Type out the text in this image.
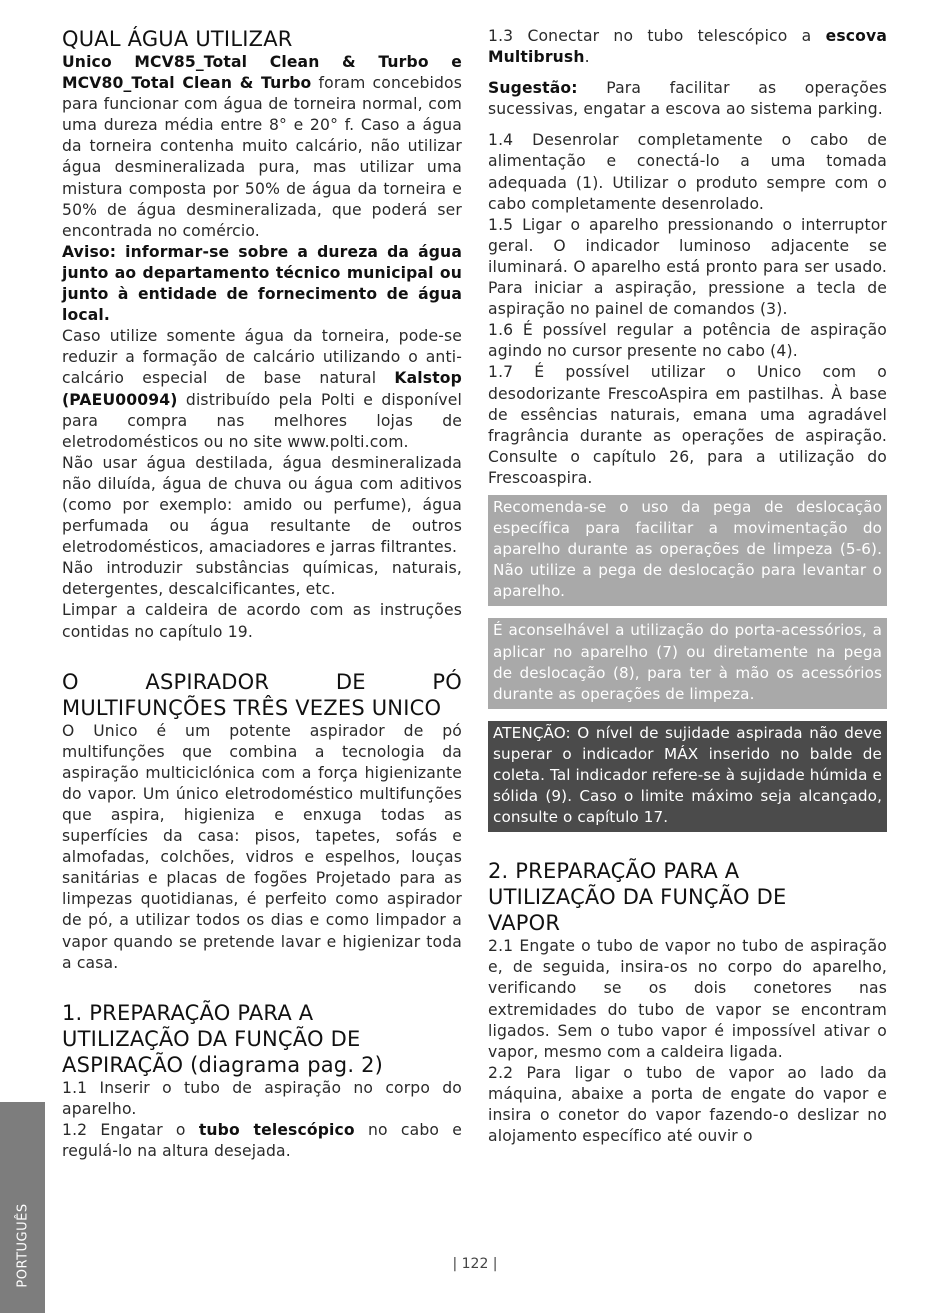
QUAL ÁGUA UTILIZAR

Unico MCV85_Total Clean & Turbo e MCV80_Total Clean & Turbo foram concebidos para funcionar com água de torneira normal, com uma dureza média entre 8° e 20° f. Caso a água da torneira contenha muito calcário, não utilizar água desmineralizada pura, mas utilizar uma mistura composta por 50% de água da torneira e 50% de água desmineralizada, que poderá ser encontrada no comércio.

Aviso: informar-se sobre a dureza da água junto ao departamento técnico municipal ou junto à entidade de fornecimento de água local.

Caso utilize somente água da torneira, pode-se reduzir a formação de calcário utilizando o anti-calcário especial de base natural Kalstop (PAEU00094) distribuído pela Polti e disponível para compra nas melhores lojas de eletrodomésticos ou no site www.polti.com.

Não usar água destilada, água desmineralizada não diluída, água de chuva ou água com aditivos (como por exemplo: amido ou perfume), água perfumada ou água resultante de outros eletrodomésticos, amaciadores e jarras filtrantes.

Não introduzir substâncias químicas, naturais, detergentes, descalcificantes, etc.

Limpar a caldeira de acordo com as instruções contidas no capítulo 19.

O ASPIRADOR DE PÓ
MULTIFUNÇÕES TRÊS VEZES UNICO

O Unico é um potente aspirador de pó multifunções que combina a tecnologia da aspiração multiciclónica com a força higienizante do vapor. Um único eletrodoméstico multifunções que aspira, higieniza e enxuga todas as superfícies da casa: pisos, tapetes, sofás e almofadas, colchões, vidros e espelhos, louças sanitárias e placas de fogões Projetado para as limpezas quotidianas, é perfeito como aspirador de pó, a utilizar todos os dias e como limpador a vapor quando se pretende lavar e higienizar toda a casa.

1. PREPARAÇÃO PARA A
UTILIZAÇÃO DA FUNÇÃO DE
ASPIRAÇÃO (diagrama pag. 2)

1.1 Inserir o tubo de aspiração no corpo do aparelho.

1.2 Engatar o tubo telescópico no cabo e regulá-lo na altura desejada.

1.3 Conectar no tubo telescópico a escova Multibrush.

Sugestão: Para facilitar as operações sucessivas, engatar a escova ao sistema parking.

1.4 Desenrolar completamente o cabo de alimentação e conectá-lo a uma tomada adequada (1). Utilizar o produto sempre com o cabo completamente desenrolado.

1.5 Ligar o aparelho pressionando o interruptor geral. O indicador luminoso adjacente se iluminará. O aparelho está pronto para ser usado. Para iniciar a aspiração, pressione a tecla de aspiração no painel de comandos (3).

1.6 É possível regular a potência de aspiração agindo no cursor presente no cabo (4).

1.7 É possível utilizar o Unico com o desodorizante FrescoAspira em pastilhas. À base de essências naturais, emana uma agradável fragrância durante as operações de aspiração. Consulte o capítulo 26, para a utilização do Frescoaspira.

Recomenda-se o uso da pega de deslocação específica para facilitar a movimentação do aparelho durante as operações de limpeza (5-6). Não utilize a pega de deslocação para levantar o aparelho.
É aconselhável a utilização do porta-acessórios, a aplicar no aparelho (7) ou diretamente na pega de deslocação (8), para ter à mão os acessórios durante as operações de limpeza.
ATENÇÃO: O nível de sujidade aspirada não deve superar o indicador MÁX inserido no balde de coleta. Tal indicador refere-se à sujidade húmida e sólida (9). Caso o limite máximo seja alcançado, consulte o capítulo 17.
2. PREPARAÇÃO PARA A
UTILIZAÇÃO DA FUNÇÃO DE
VAPOR

2.1 Engate o tubo de vapor no tubo de aspiração e, de seguida, insira-os no corpo do aparelho, verificando se os dois conetores nas extremidades do tubo de vapor se encontram ligados. Sem o tubo vapor é impossível ativar o vapor, mesmo com a caldeira ligada.

2.2 Para ligar o tubo de vapor ao lado da máquina, abaixe a porta de engate do vapor e insira o conetor do vapor fazendo-o deslizar no alojamento específico até ouvir o

PORTUGUÊS	| 122 |
